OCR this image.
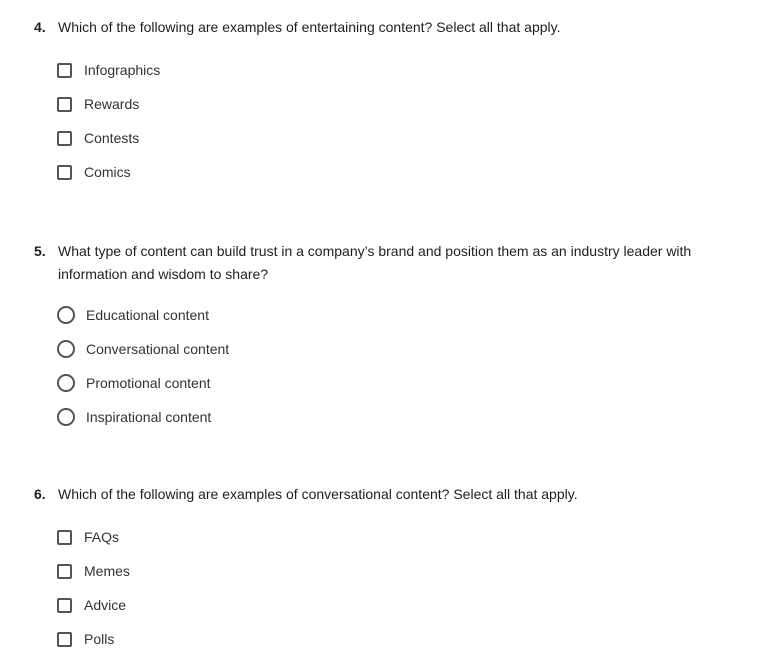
4. Which of the following are examples of entertaining content? Select all that apply.
Infographics
Rewards
Contests
Comics
5. What type of content can build trust in a company’s brand and position them as an industry leader with information and wisdom to share?
Educational content
Conversational content
Promotional content
Inspirational content
6. Which of the following are examples of conversational content? Select all that apply.
FAQs
Memes
Advice
Polls
